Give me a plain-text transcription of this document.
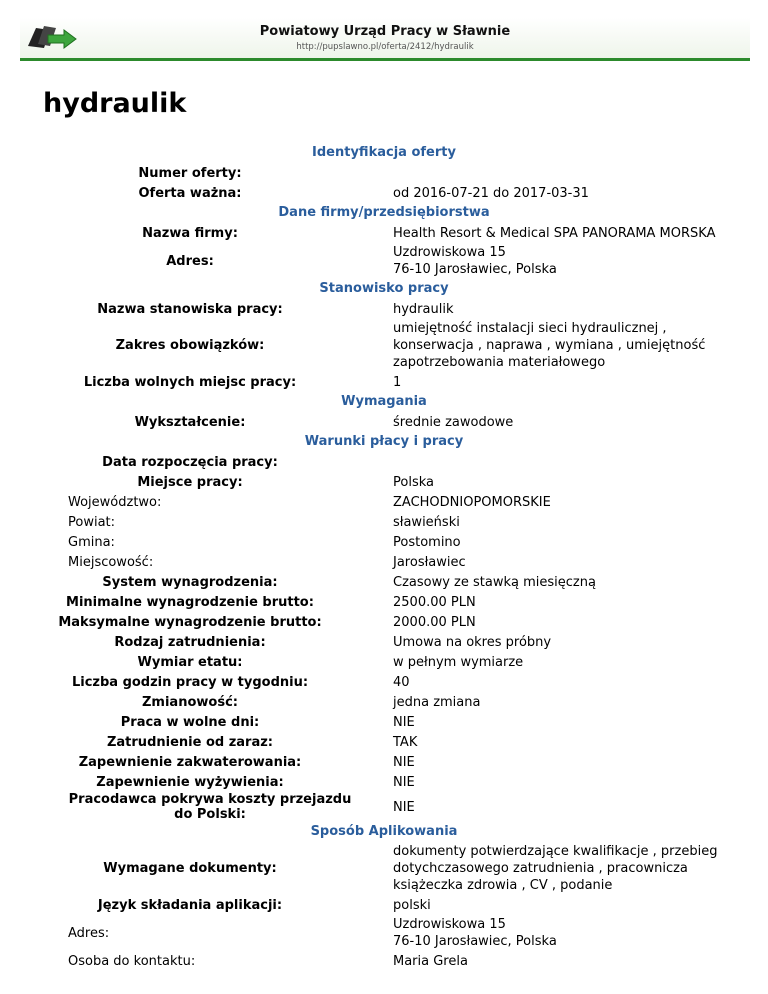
Powiatowy Urząd Pracy w Sławnie
http://pupslawno.pl/oferta/2412/hydraulik
hydraulik
Identyfikacja oferty
Numer oferty:
Oferta ważna:	od 2016-07-21 do 2017-03-31
Dane firmy/przedsiębiorstwa
Nazwa firmy:	Health Resort & Medical SPA PANORAMA MORSKA
Adres:
Uzdrowiskowa 15
76-10 Jarosławiec, Polska
Stanowisko pracy
Nazwa stanowiska pracy:	hydraulik
Zakres obowiązków:
umiejętność instalacji sieci hydraulicznej ,
konserwacja , naprawa , wymiana , umiejętność
zapotrzebowania materiałowego
Liczba wolnych miejsc pracy:	1
Wymagania
Wykształcenie:	średnie zawodowe
Warunki płacy i pracy
Data rozpoczęcia pracy:
Miejsce pracy:	Polska
Województwo:	ZACHODNIOPOMORSKIE
Powiat:	sławieński
Gmina:	Postomino
Miejscowość:	Jarosławiec
System wynagrodzenia:	Czasowy ze stawką miesięczną
Minimalne wynagrodzenie brutto:	2500.00 PLN
Maksymalne wynagrodzenie brutto:	2000.00 PLN
Rodzaj zatrudnienia:	Umowa na okres próbny
Wymiar etatu:	w pełnym wymiarze
Liczba godzin pracy w tygodniu:	40
Zmianowość:	jedna zmiana
Praca w wolne dni:	NIE
Zatrudnienie od zaraz:	TAK
Zapewnienie zakwaterowania:	NIE
Zapewnienie wyżywienia:	NIE
Pracodawca pokrywa koszty przejazdu do Polski:	NIE
Sposób Aplikowania
Wymagane dokumenty:
dokumenty potwierdzające kwalifikacje , przebieg
dotychczasowego zatrudnienia , pracownicza
książeczka zdrowia , CV , podanie
Język składania aplikacji:	polski
Adres:
Uzdrowiskowa 15
76-10 Jarosławiec, Polska
Osoba do kontaktu:	Maria Grela
